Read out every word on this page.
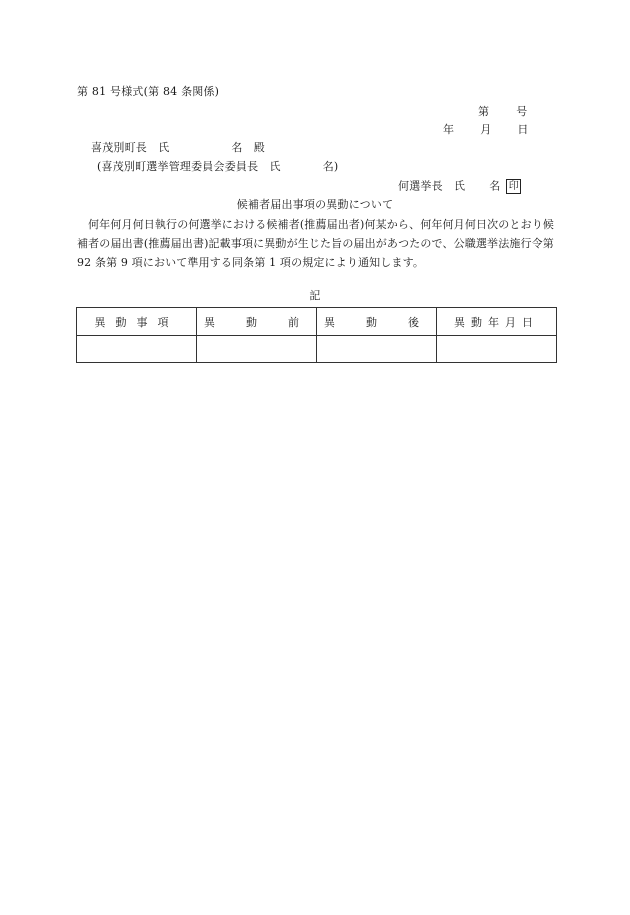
第 81 号様式(第 84 条関係)
第 号
年 月 日
喜茂別町長　氏	名　殿
(喜茂別町選挙管理委員会委員長　氏	名)
何選挙長　氏 名 印
候補者届出事項の異動について
何年何月何日執行の何選挙における候補者(推薦届出者)何某から、何年何月何日次のとおり候補者の届出書(推薦届出書)記載事項に異動が生じた旨の届出があつたので、公職選挙法施行令第 92 条第 9 項において準用する同条第 1 項の規定により通知します。
記
異動事項	異　動　前	異　動　後	異動年月日
